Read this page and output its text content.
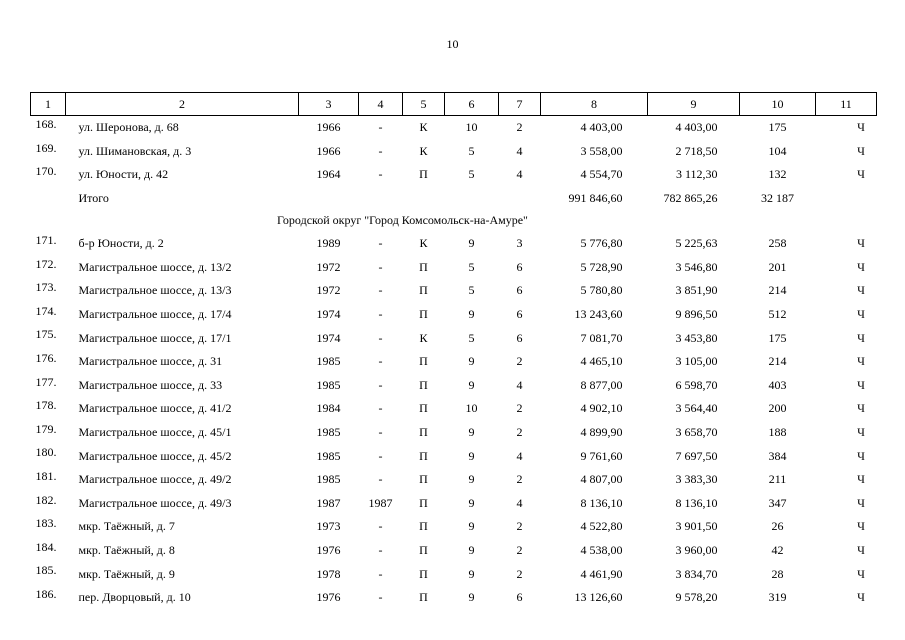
10
1	2	3	4	5	6	7	8	9	10	11
168.	ул. Шеронова, д. 68	1966	-	К	10	2	4 403,00	4 403,00	175	Ч
169.	ул. Шимановская, д. 3	1966	-	К	5	4	3 558,00	2 718,50	104	Ч
170.	ул. Юности, д. 42	1964	-	П	5	4	4 554,70	3 112,30	132	Ч
	Итого						991 846,60	782 865,26	32 187	
	Городской округ "Город Комсомольск-на-Амуре"									
171.	б-р Юности, д. 2	1989	-	К	9	3	5 776,80	5 225,63	258	Ч
172.	Магистральное шоссе, д. 13/2	1972	-	П	5	6	5 728,90	3 546,80	201	Ч
173.	Магистральное шоссе, д. 13/3	1972	-	П	5	6	5 780,80	3 851,90	214	Ч
174.	Магистральное шоссе, д. 17/4	1974	-	П	9	6	13 243,60	9 896,50	512	Ч
175.	Магистральное шоссе, д. 17/1	1974	-	К	5	6	7 081,70	3 453,80	175	Ч
176.	Магистральное шоссе, д. 31	1985	-	П	9	2	4 465,10	3 105,00	214	Ч
177.	Магистральное шоссе, д. 33	1985	-	П	9	4	8 877,00	6 598,70	403	Ч
178.	Магистральное шоссе, д. 41/2	1984	-	П	10	2	4 902,10	3 564,40	200	Ч
179.	Магистральное шоссе, д. 45/1	1985	-	П	9	2	4 899,90	3 658,70	188	Ч
180.	Магистральное шоссе, д. 45/2	1985	-	П	9	4	9 761,60	7 697,50	384	Ч
181.	Магистральное шоссе, д. 49/2	1985	-	П	9	2	4 807,00	3 383,30	211	Ч
182.	Магистральное шоссе, д. 49/3	1987	1987	П	9	4	8 136,10	8 136,10	347	Ч
183.	мкр. Таёжный, д. 7	1973	-	П	9	2	4 522,80	3 901,50	26	Ч
184.	мкр. Таёжный, д. 8	1976	-	П	9	2	4 538,00	3 960,00	42	Ч
185.	мкр. Таёжный, д. 9	1978	-	П	9	2	4 461,90	3 834,70	28	Ч
186.	пер. Дворцовый, д. 10	1976	-	П	9	6	13 126,60	9 578,20	319	Ч
